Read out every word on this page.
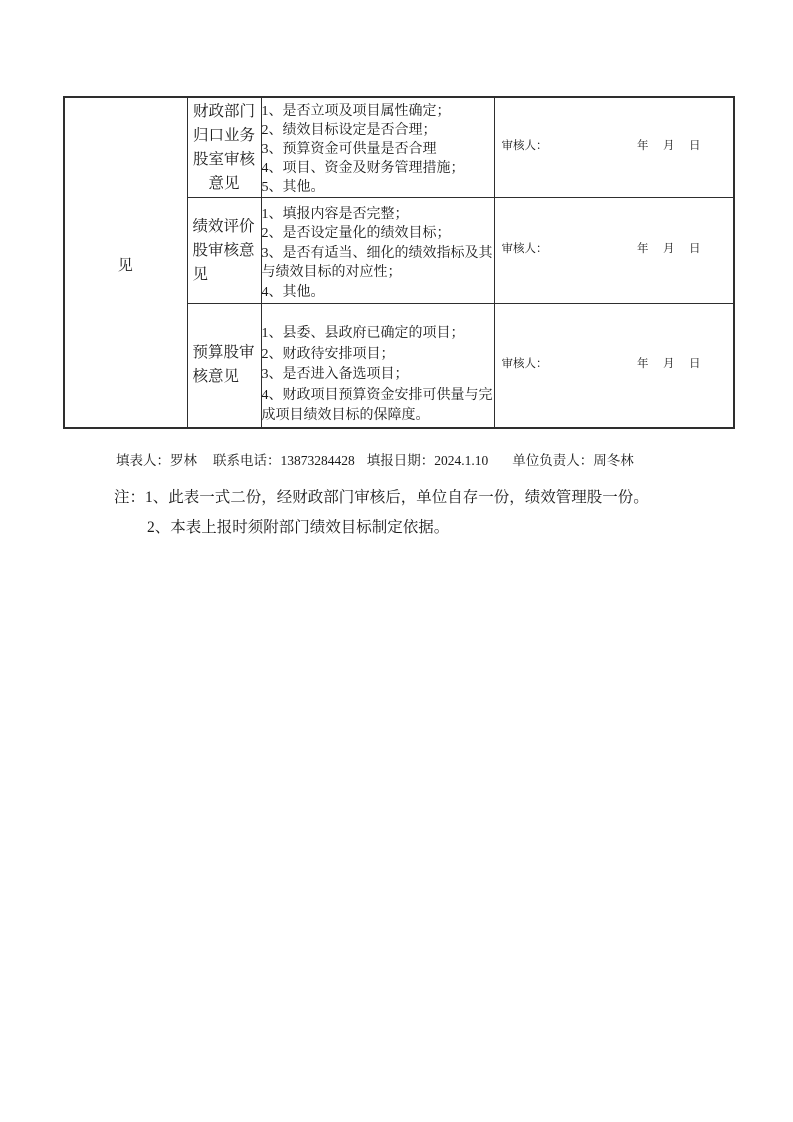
见

财政部门归口业务股室审核意见

1、是否立项及项目属性确定；
2、绩效目标设定是否合理；
3、预算资金可供量是否合理
4、项目、资金及财务管理措施；
5、其他。

审核人：	年　月　日

绩效评价股审核意见

1、填报内容是否完整；
2、是否设定量化的绩效目标；
3、是否有适当、细化的绩效指标及其与绩效目标的对应性；
4、其他。

审核人：	年　月　日

预算股审核意见

1、县委、县政府已确定的项目；
2、财政待安排项目；
3、是否进入备选项目；
4、财政项目预算资金安排可供量与完成项目绩效目标的保障度。

审核人：	年　月　日
填表人：罗林 联系电话：13873284428 填报日期：2024.1.10 单位负责人：周冬林
注：1、此表一式二份，经财政部门审核后，单位自存一份，绩效管理股一份。
2、本表上报时须附部门绩效目标制定依据。
